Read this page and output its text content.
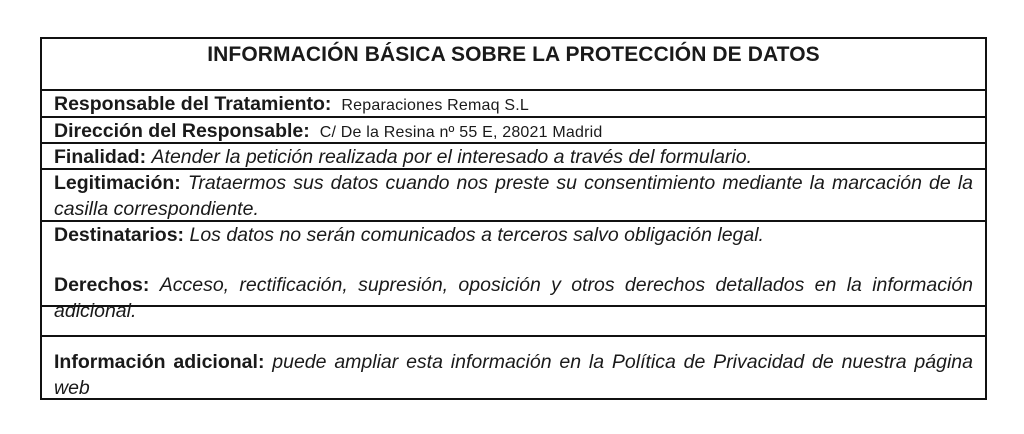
INFORMACIÓN BÁSICA SOBRE LA PROTECCIÓN DE DATOS
Responsable del Tratamiento: Reparaciones Remaq S.L
Dirección del Responsable: C/ De la Resina nº 55 E, 28021 Madrid
Finalidad: Atender la petición realizada por el interesado a través del formulario.
Legitimación: Trataermos sus datos cuando nos preste su consentimiento mediante la marcación de la casilla correspondiente.
Destinatarios: Los datos no serán comunicados a terceros salvo obligación legal.
Derechos: Acceso, rectificación, supresión, oposición y otros derechos detallados en la información adicional.
Información adicional: puede ampliar esta información en la Política de Privacidad de nuestra página web
